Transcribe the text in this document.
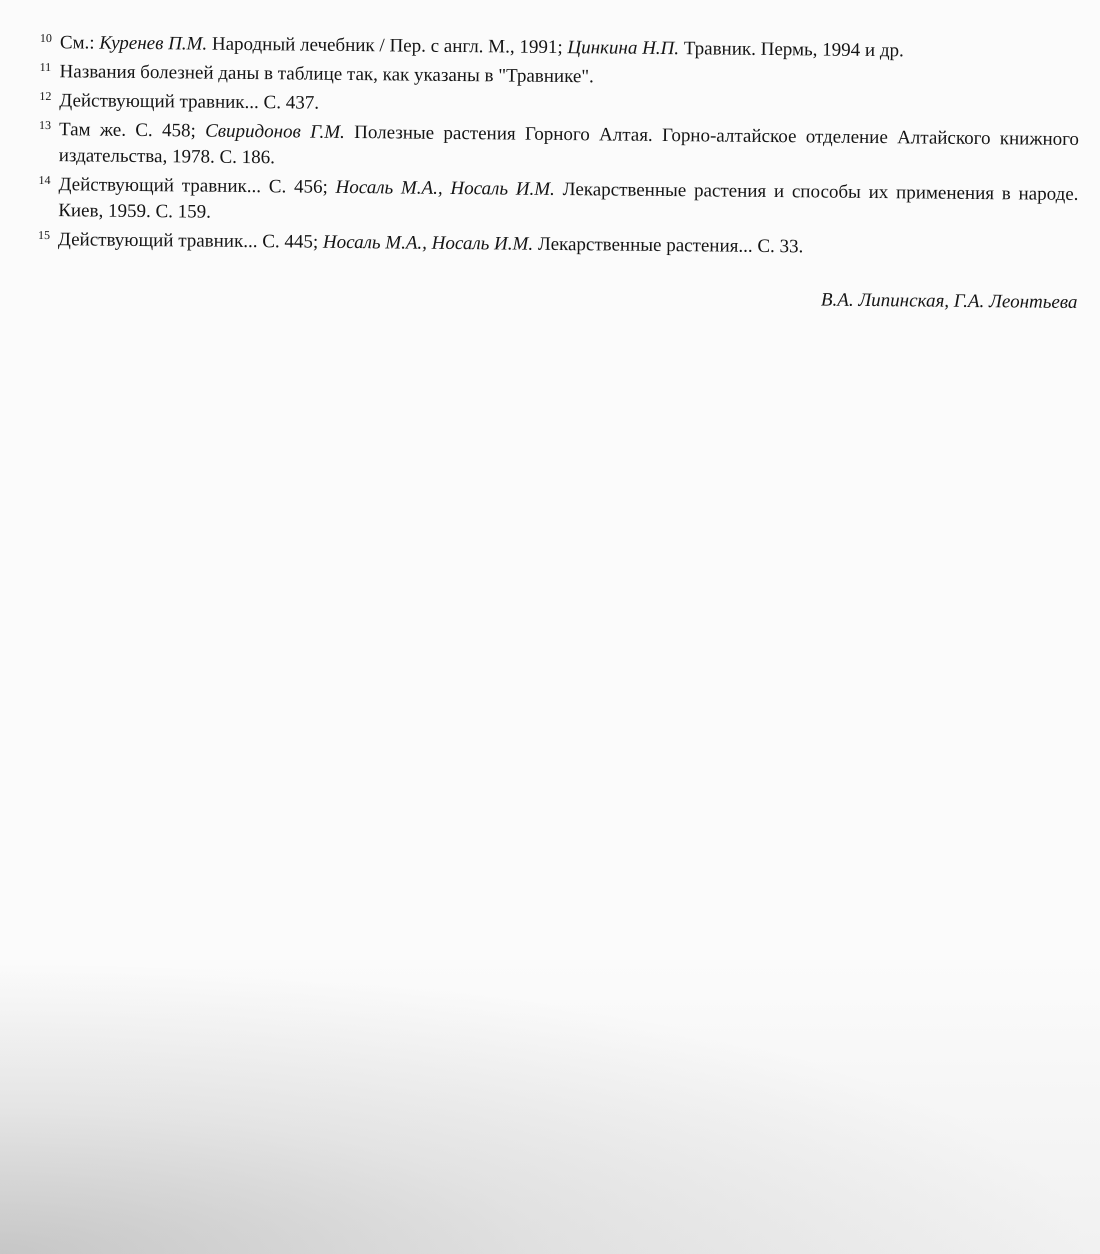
10 См.: Куренев П.М. Народный лечебник / Пер. с англ. М., 1991; Цинкина Н.П. Травник. Пермь, 1994 и др.

11 Названия болезней даны в таблице так, как указаны в "Травнике".

12 Действующий травник... С. 437.

13 Там же. С. 458; Свиридонов Г.М. Полезные растения Горного Алтая. Горно-алтайское отделение Алтайского книжного издательства, 1978. С. 186.

14 Действующий травник... С. 456; Носаль М.А., Носаль И.М. Лекарственные растения и способы их применения в народе. Киев, 1959. С. 159.

15 Действующий травник... С. 445; Носаль М.А., Носаль И.М. Лекарственные растения... С. 33.

В.А. Липинская, Г.А. Леонтьева
